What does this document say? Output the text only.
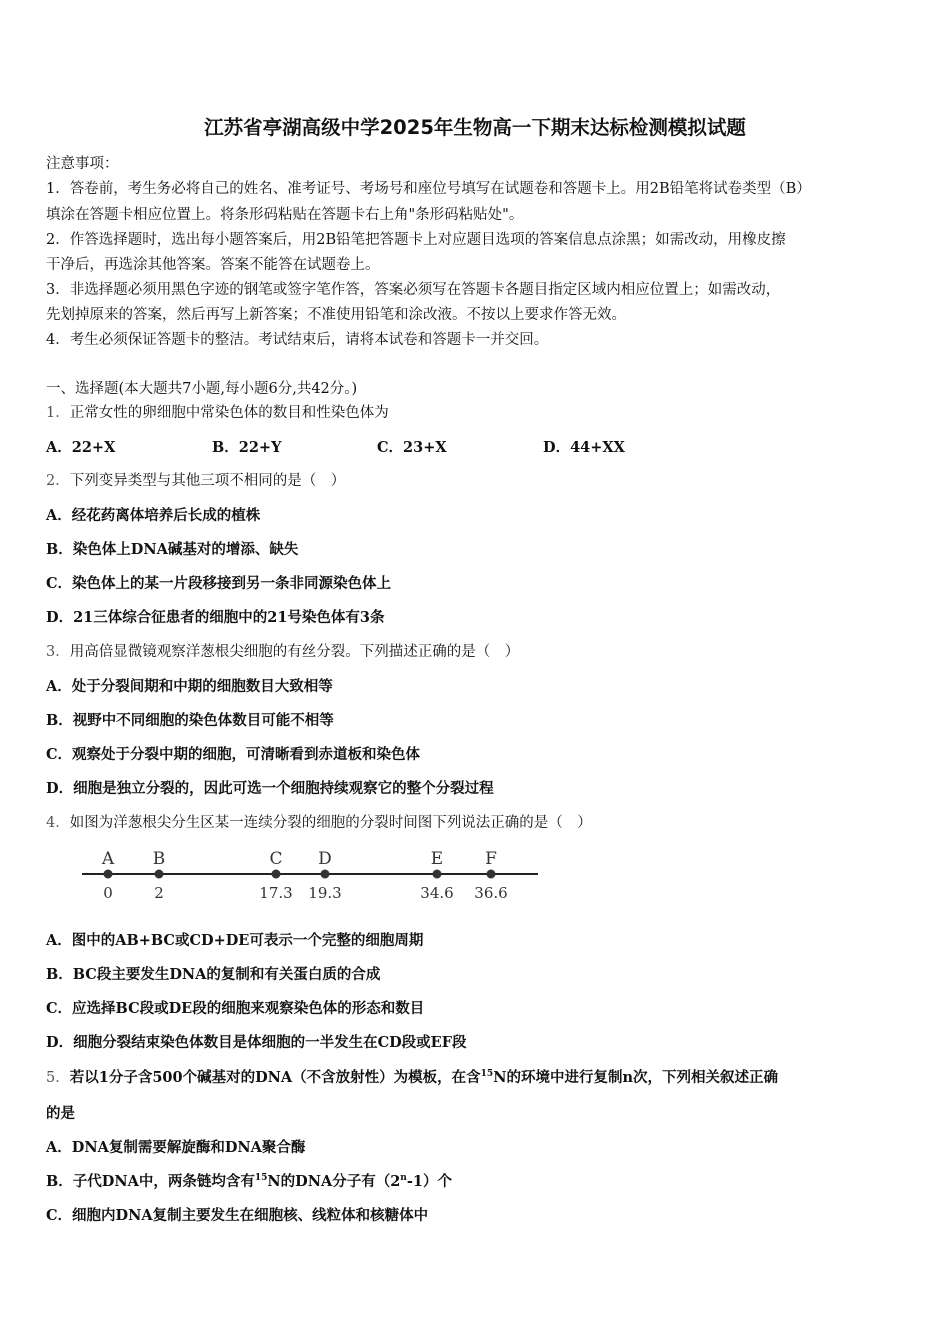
江苏省亭湖高级中学2025年生物高一下期末达标检测模拟试题
注意事项：
1．答卷前，考生务必将自己的姓名、准考证号、考场号和座位号填写在试题卷和答题卡上。用2B铅笔将试卷类型（B）
填涂在答题卡相应位置上。将条形码粘贴在答题卡右上角"条形码粘贴处"。
2．作答选择题时，选出每小题答案后，用2B铅笔把答题卡上对应题目选项的答案信息点涂黑；如需改动，用橡皮擦
干净后，再选涂其他答案。答案不能答在试题卷上。
3．非选择题必须用黑色字迹的钢笔或签字笔作答，答案必须写在答题卡各题目指定区域内相应位置上；如需改动，
先划掉原来的答案，然后再写上新答案；不准使用铅笔和涂改液。不按以上要求作答无效。
4．考生必须保证答题卡的整洁。考试结束后，请将本试卷和答题卡一并交回。
一、选择题(本大题共7小题,每小题6分,共42分。)
1．正常女性的卵细胞中常染色体的数目和性染色体为
A．22+X	B．22+Y	C．23+X	D．44+XX
2．下列变异类型与其他三项不相同的是（　）
A．经花药离体培养后长成的植株
B．染色体上DNA碱基对的增添、缺失
C．染色体上的某一片段移接到另一条非同源染色体上
D．21三体综合征患者的细胞中的21号染色体有3条
3．用高倍显微镜观察洋葱根尖细胞的有丝分裂。下列描述正确的是（　）
A．处于分裂间期和中期的细胞数目大致相等
B．视野中不同细胞的染色体数目可能不相等
C．观察处于分裂中期的细胞，可清晰看到赤道板和染色体
D．细胞是独立分裂的，因此可选一个细胞持续观察它的整个分裂过程
4．如图为洋葱根尖分生区某一连续分裂的细胞的分裂时间图下列说法正确的是（　）
A
0
B
2
C
17.3
D
19.3
E
34.6
F
36.6
A．图中的AB+BC或CD+DE可表示一个完整的细胞周期
B．BC段主要发生DNA的复制和有关蛋白质的合成
C．应选择BC段或DE段的细胞来观察染色体的形态和数目
D．细胞分裂结束染色体数目是体细胞的一半发生在CD段或EF段
5．若以1分子含500个碱基对的DNA（不含放射性）为模板，在含$^{15}$N的环境中进行复制n次，下列相关叙述正确
的是
A．DNA复制需要解旋酶和DNA聚合酶
B．子代DNA中，两条链均含有$^{15}$N的DNA分子有（2$^n$-1）个
C．细胞内DNA复制主要发生在细胞核、线粒体和核糖体中
